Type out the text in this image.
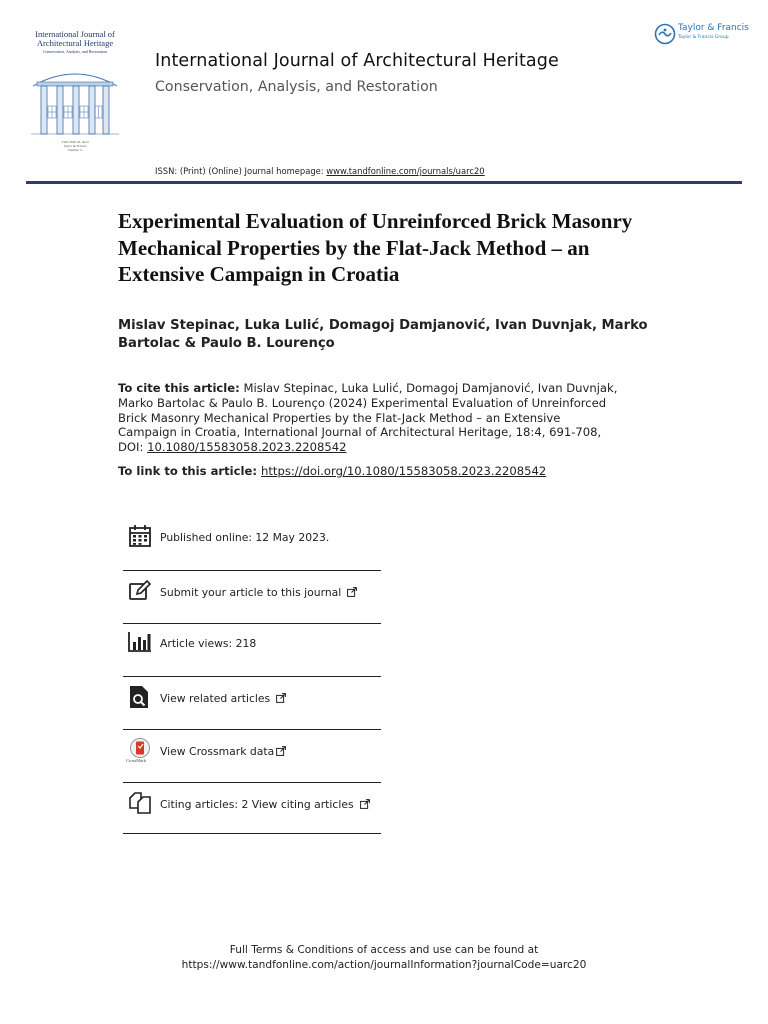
International Journal of Architectural Heritage
Conservation, Analysis, and Restoration
VOLUME 18, 2024
Taylor & Francis
Number 4
International Journal of Architectural Heritage
Conservation, Analysis, and Restoration
Taylor & Francis
Taylor & Francis Group
ISSN: (Print) (Online) Journal homepage: www.tandfonline.com/journals/uarc20
Experimental Evaluation of Unreinforced Brick Masonry Mechanical Properties by the Flat-Jack Method – an Extensive Campaign in Croatia
Mislav Stepinac, Luka Lulić, Domagoj Damjanović, Ivan Duvnjak, Marko Bartolac & Paulo B. Lourenço
To cite this article: Mislav Stepinac, Luka Lulić, Domagoj Damjanović, Ivan Duvnjak, Marko Bartolac & Paulo B. Lourenço (2024) Experimental Evaluation of Unreinforced Brick Masonry Mechanical Properties by the Flat-Jack Method – an Extensive Campaign in Croatia, International Journal of Architectural Heritage, 18:4, 691-708, DOI: 10.1080/15583058.2023.2208542
To link to this article: https://doi.org/10.1080/15583058.2023.2208542
Published online: 12 May 2023.
Submit your article to this journal
Article views: 218
View related articles
CrossMark
View Crossmark data
Citing articles: 2 View citing articles
Full Terms & Conditions of access and use can be found at
https://www.tandfonline.com/action/journalInformation?journalCode=uarc20
